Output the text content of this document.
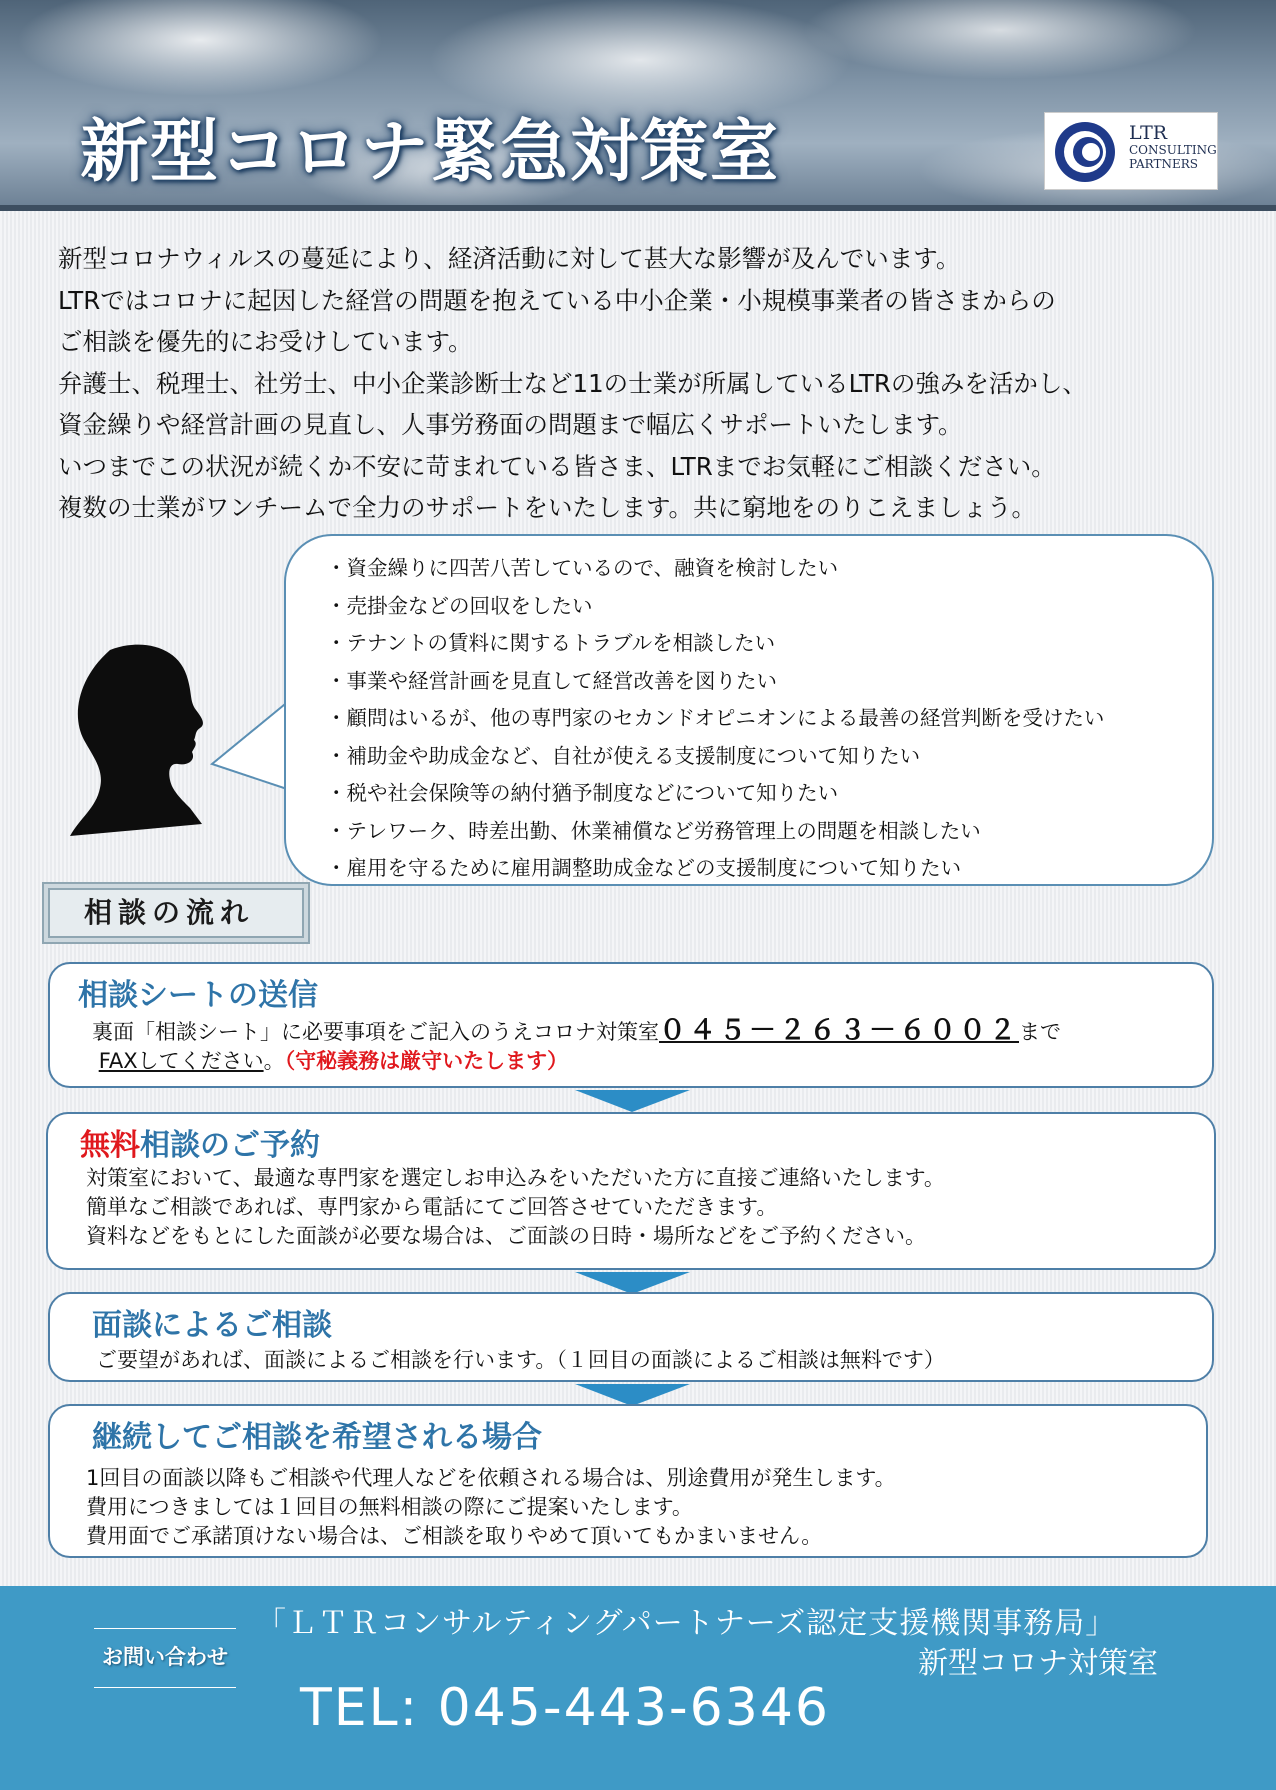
新型コロナ緊急対策室	LTR
CONSULTING
PARTNERS

新型コロナウィルスの蔓延により、経済活動に対して甚大な影響が及んでいます。

LTRではコロナに起因した経営の問題を抱えている中小企業・小規模事業者の皆さまからの

ご相談を優先的にお受けしています。

弁護士、税理士、社労士、中小企業診断士など11の士業が所属しているLTRの強みを活かし、

資金繰りや経営計画の見直し、人事労務面の問題まで幅広くサポートいたします。

いつまでこの状況が続くか不安に苛まれている皆さま、LTRまでお気軽にご相談ください。

複数の士業がワンチームで全力のサポートをいたします。共に窮地をのりこえましょう。

・資金繰りに四苦八苦しているので、融資を検討したい
・売掛金などの回収をしたい
・テナントの賃料に関するトラブルを相談したい
・事業や経営計画を見直して経営改善を図りたい
・顧問はいるが、他の専門家のセカンドオピニオンによる最善の経営判断を受けたい
・補助金や助成金など、自社が使える支援制度について知りたい
・税や社会保険等の納付猶予制度などについて知りたい
・テレワーク、時差出勤、休業補償など労務管理上の問題を相談したい
・雇用を守るために雇用調整助成金などの支援制度について知りたい
相談の流れ
相談シートの送信

裏面「相談シート」に必要事項をご記入のうえコロナ対策室０４５－２６３－６００２まで

FAXしてください。（守秘義務は厳守いたします）

無料相談のご予約

対策室において、最適な専門家を選定しお申込みをいただいた方に直接ご連絡いたします。

簡単なご相談であれば、専門家から電話にてご回答させていただきます。

資料などをもとにした面談が必要な場合は、ご面談の日時・場所などをご予約ください。

面談によるご相談

ご要望があれば、面談によるご相談を行います。（１回目の面談によるご相談は無料です）

継続してご相談を希望される場合

1回目の面談以降もご相談や代理人などを依頼される場合は、別途費用が発生します。

費用につきましては１回目の無料相談の際にご提案いたします。

費用面でご承諾頂けない場合は、ご相談を取りやめて頂いてもかまいません。

お問い合わせ
「ＬＴＲコンサルティングパートナーズ認定支援機関事務局」
新型コロナ対策室
TEL: 045-443-6346
